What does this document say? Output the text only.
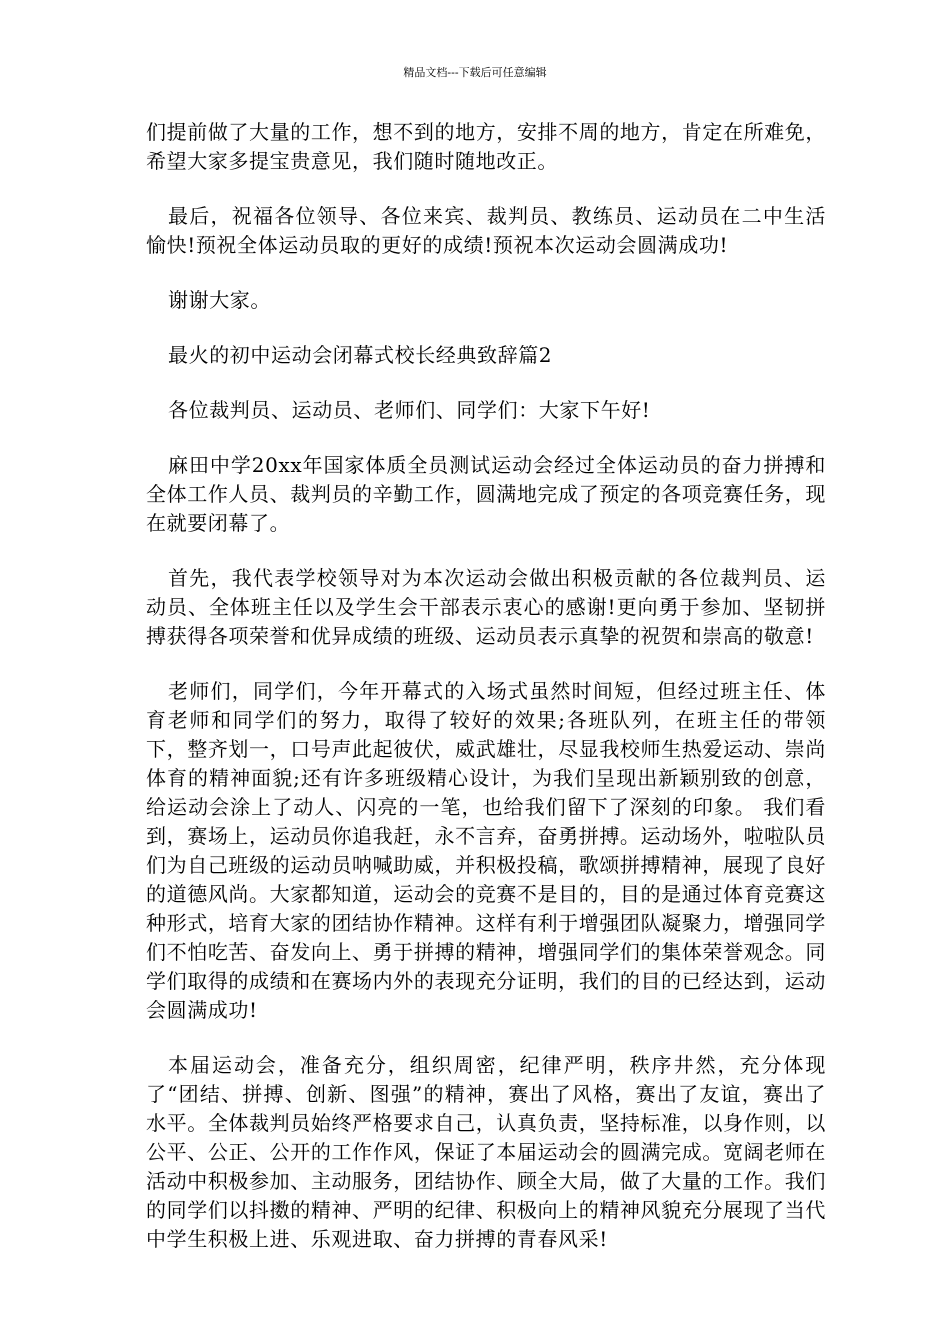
精品文档---下载后可任意编辑

们提前做了大量的工作，想不到的地方，安排不周的地方，肯定在所难免，希望大家多提宝贵意见，我们随时随地改正。

最后，祝福各位领导、各位来宾、裁判员、教练员、运动员在二中生活愉快!预祝全体运动员取的更好的成绩!预祝本次运动会圆满成功!

谢谢大家。

最火的初中运动会闭幕式校长经典致辞篇2

各位裁判员、运动员、老师们、同学们：大家下午好!

麻田中学20xx年国家体质全员测试运动会经过全体运动员的奋力拼搏和全体工作人员、裁判员的辛勤工作，圆满地完成了预定的各项竞赛任务，现在就要闭幕了。

首先，我代表学校领导对为本次运动会做出积极贡献的各位裁判员、运动员、全体班主任以及学生会干部表示衷心的感谢!更向勇于参加、坚韧拼搏获得各项荣誉和优异成绩的班级、运动员表示真挚的祝贺和崇高的敬意!

老师们，同学们，今年开幕式的入场式虽然时间短，但经过班主任、体育老师和同学们的努力，取得了较好的效果;各班队列，在班主任的带领下，整齐划一，口号声此起彼伏，威武雄壮，尽显我校师生热爱运动、崇尚体育的精神面貌;还有许多班级精心设计，为我们呈现出新颖别致的创意，给运动会涂上了动人、闪亮的一笔，也给我们留下了深刻的印象。 我们看到，赛场上，运动员你追我赶，永不言弃，奋勇拼搏。运动场外，啦啦队员们为自己班级的运动员呐喊助威，并积极投稿，歌颂拼搏精神，展现了良好的道德风尚。大家都知道，运动会的竞赛不是目的，目的是通过体育竞赛这种形式，培育大家的团结协作精神。这样有利于增强团队凝聚力，增强同学们不怕吃苦、奋发向上、勇于拼搏的精神，增强同学们的集体荣誉观念。同学们取得的成绩和在赛场内外的表现充分证明，我们的目的已经达到，运动会圆满成功!

本届运动会，准备充分，组织周密，纪律严明，秩序井然，充分体现了“团结、拼搏、创新、图强”的精神，赛出了风格，赛出了友谊，赛出了水平。全体裁判员始终严格要求自己，认真负责，坚持标准，以身作则，以公平、公正、公开的工作作风，保证了本届运动会的圆满完成。宽阔老师在活动中积极参加、主动服务，团结协作、顾全大局，做了大量的工作。我们的同学们以抖擞的精神、严明的纪律、积极向上的精神风貌充分展现了当代中学生积极上进、乐观进取、奋力拼搏的青春风采!
